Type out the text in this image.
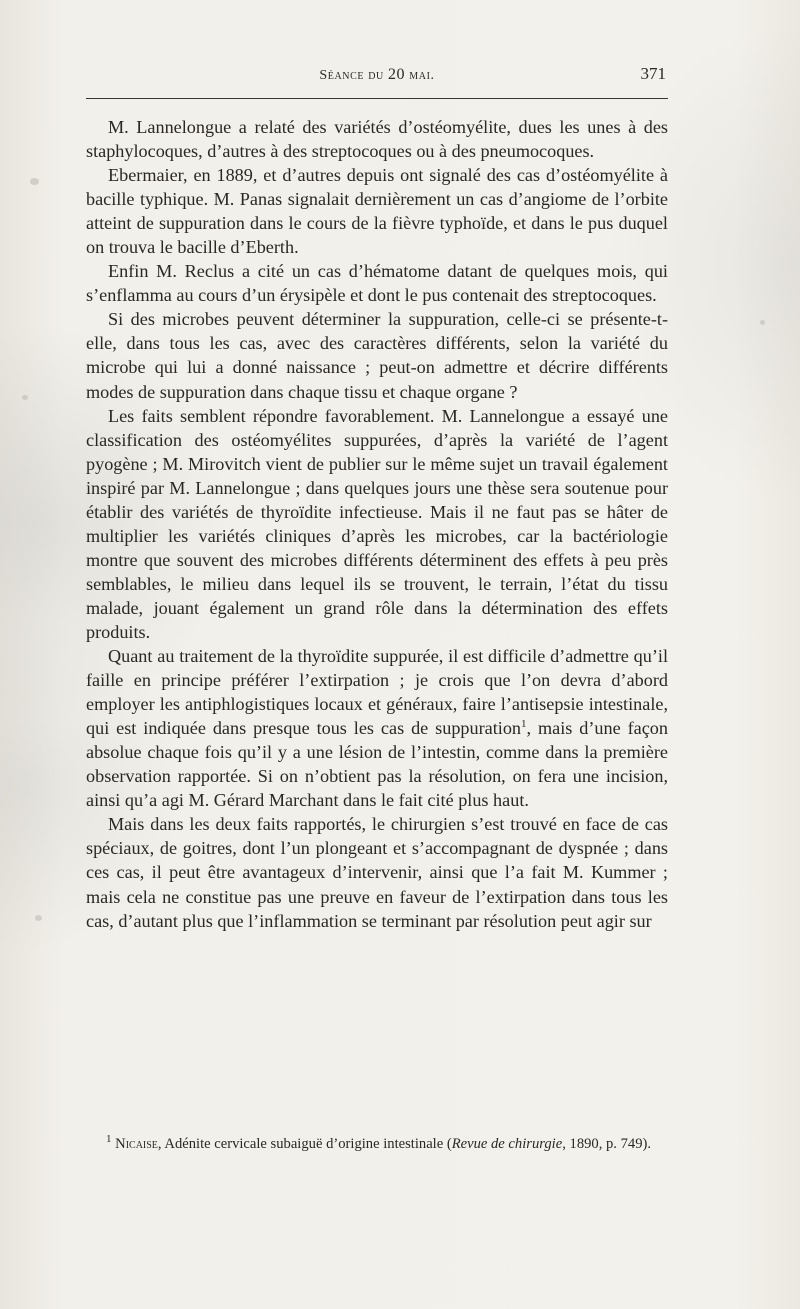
Séance du 20 mai.	371

M. Lannelongue a relaté des variétés d’ostéomyélite, dues les unes à des staphylocoques, d’autres à des streptocoques ou à des pneumocoques.

Ebermaier, en 1889, et d’autres depuis ont signalé des cas d’ostéomyélite à bacille typhique. M. Panas signalait dernièrement un cas d’angiome de l’orbite atteint de suppuration dans le cours de la fièvre typhoïde, et dans le pus duquel on trouva le bacille d’Eberth.

Enfin M. Reclus a cité un cas d’hématome datant de quelques mois, qui s’enflamma au cours d’un érysipèle et dont le pus contenait des streptocoques.

Si des microbes peuvent déterminer la suppuration, celle-ci se présente-t-elle, dans tous les cas, avec des caractères différents, selon la variété du microbe qui lui a donné naissance ; peut-on admettre et décrire différents modes de suppuration dans chaque tissu et chaque organe ?

Les faits semblent répondre favorablement. M. Lannelongue a essayé une classification des ostéomyélites suppurées, d’après la variété de l’agent pyogène ; M. Mirovitch vient de publier sur le même sujet un travail également inspiré par M. Lannelongue ; dans quelques jours une thèse sera soutenue pour établir des variétés de thyroïdite infectieuse. Mais il ne faut pas se hâter de multiplier les variétés cliniques d’après les microbes, car la bactériologie montre que souvent des microbes différents déterminent des effets à peu près semblables, le milieu dans lequel ils se trouvent, le terrain, l’état du tissu malade, jouant également un grand rôle dans la détermination des effets produits.

Quant au traitement de la thyroïdite suppurée, il est difficile d’admettre qu’il faille en principe préférer l’extirpation ; je crois que l’on devra d’abord employer les antiphlogistiques locaux et généraux, faire l’antisepsie intestinale, qui est indiquée dans presque tous les cas de suppuration$^1$, mais d’une façon absolue chaque fois qu’il y a une lésion de l’intestin, comme dans la première observation rapportée. Si on n’obtient pas la résolution, on fera une incision, ainsi qu’a agi M. Gérard Marchant dans le fait cité plus haut.

Mais dans les deux faits rapportés, le chirurgien s’est trouvé en face de cas spéciaux, de goitres, dont l’un plongeant et s’accompagnant de dyspnée ; dans ces cas, il peut être avantageux d’intervenir, ainsi que l’a fait M. Kummer ; mais cela ne constitue pas une preuve en faveur de l’extirpation dans tous les cas, d’autant plus que l’inflammation se terminant par résolution peut agir sur

$^1$ Nicaise, Adénite cervicale subaiguë d’origine intestinale (Revue de chirurgie, 1890, p. 749).
